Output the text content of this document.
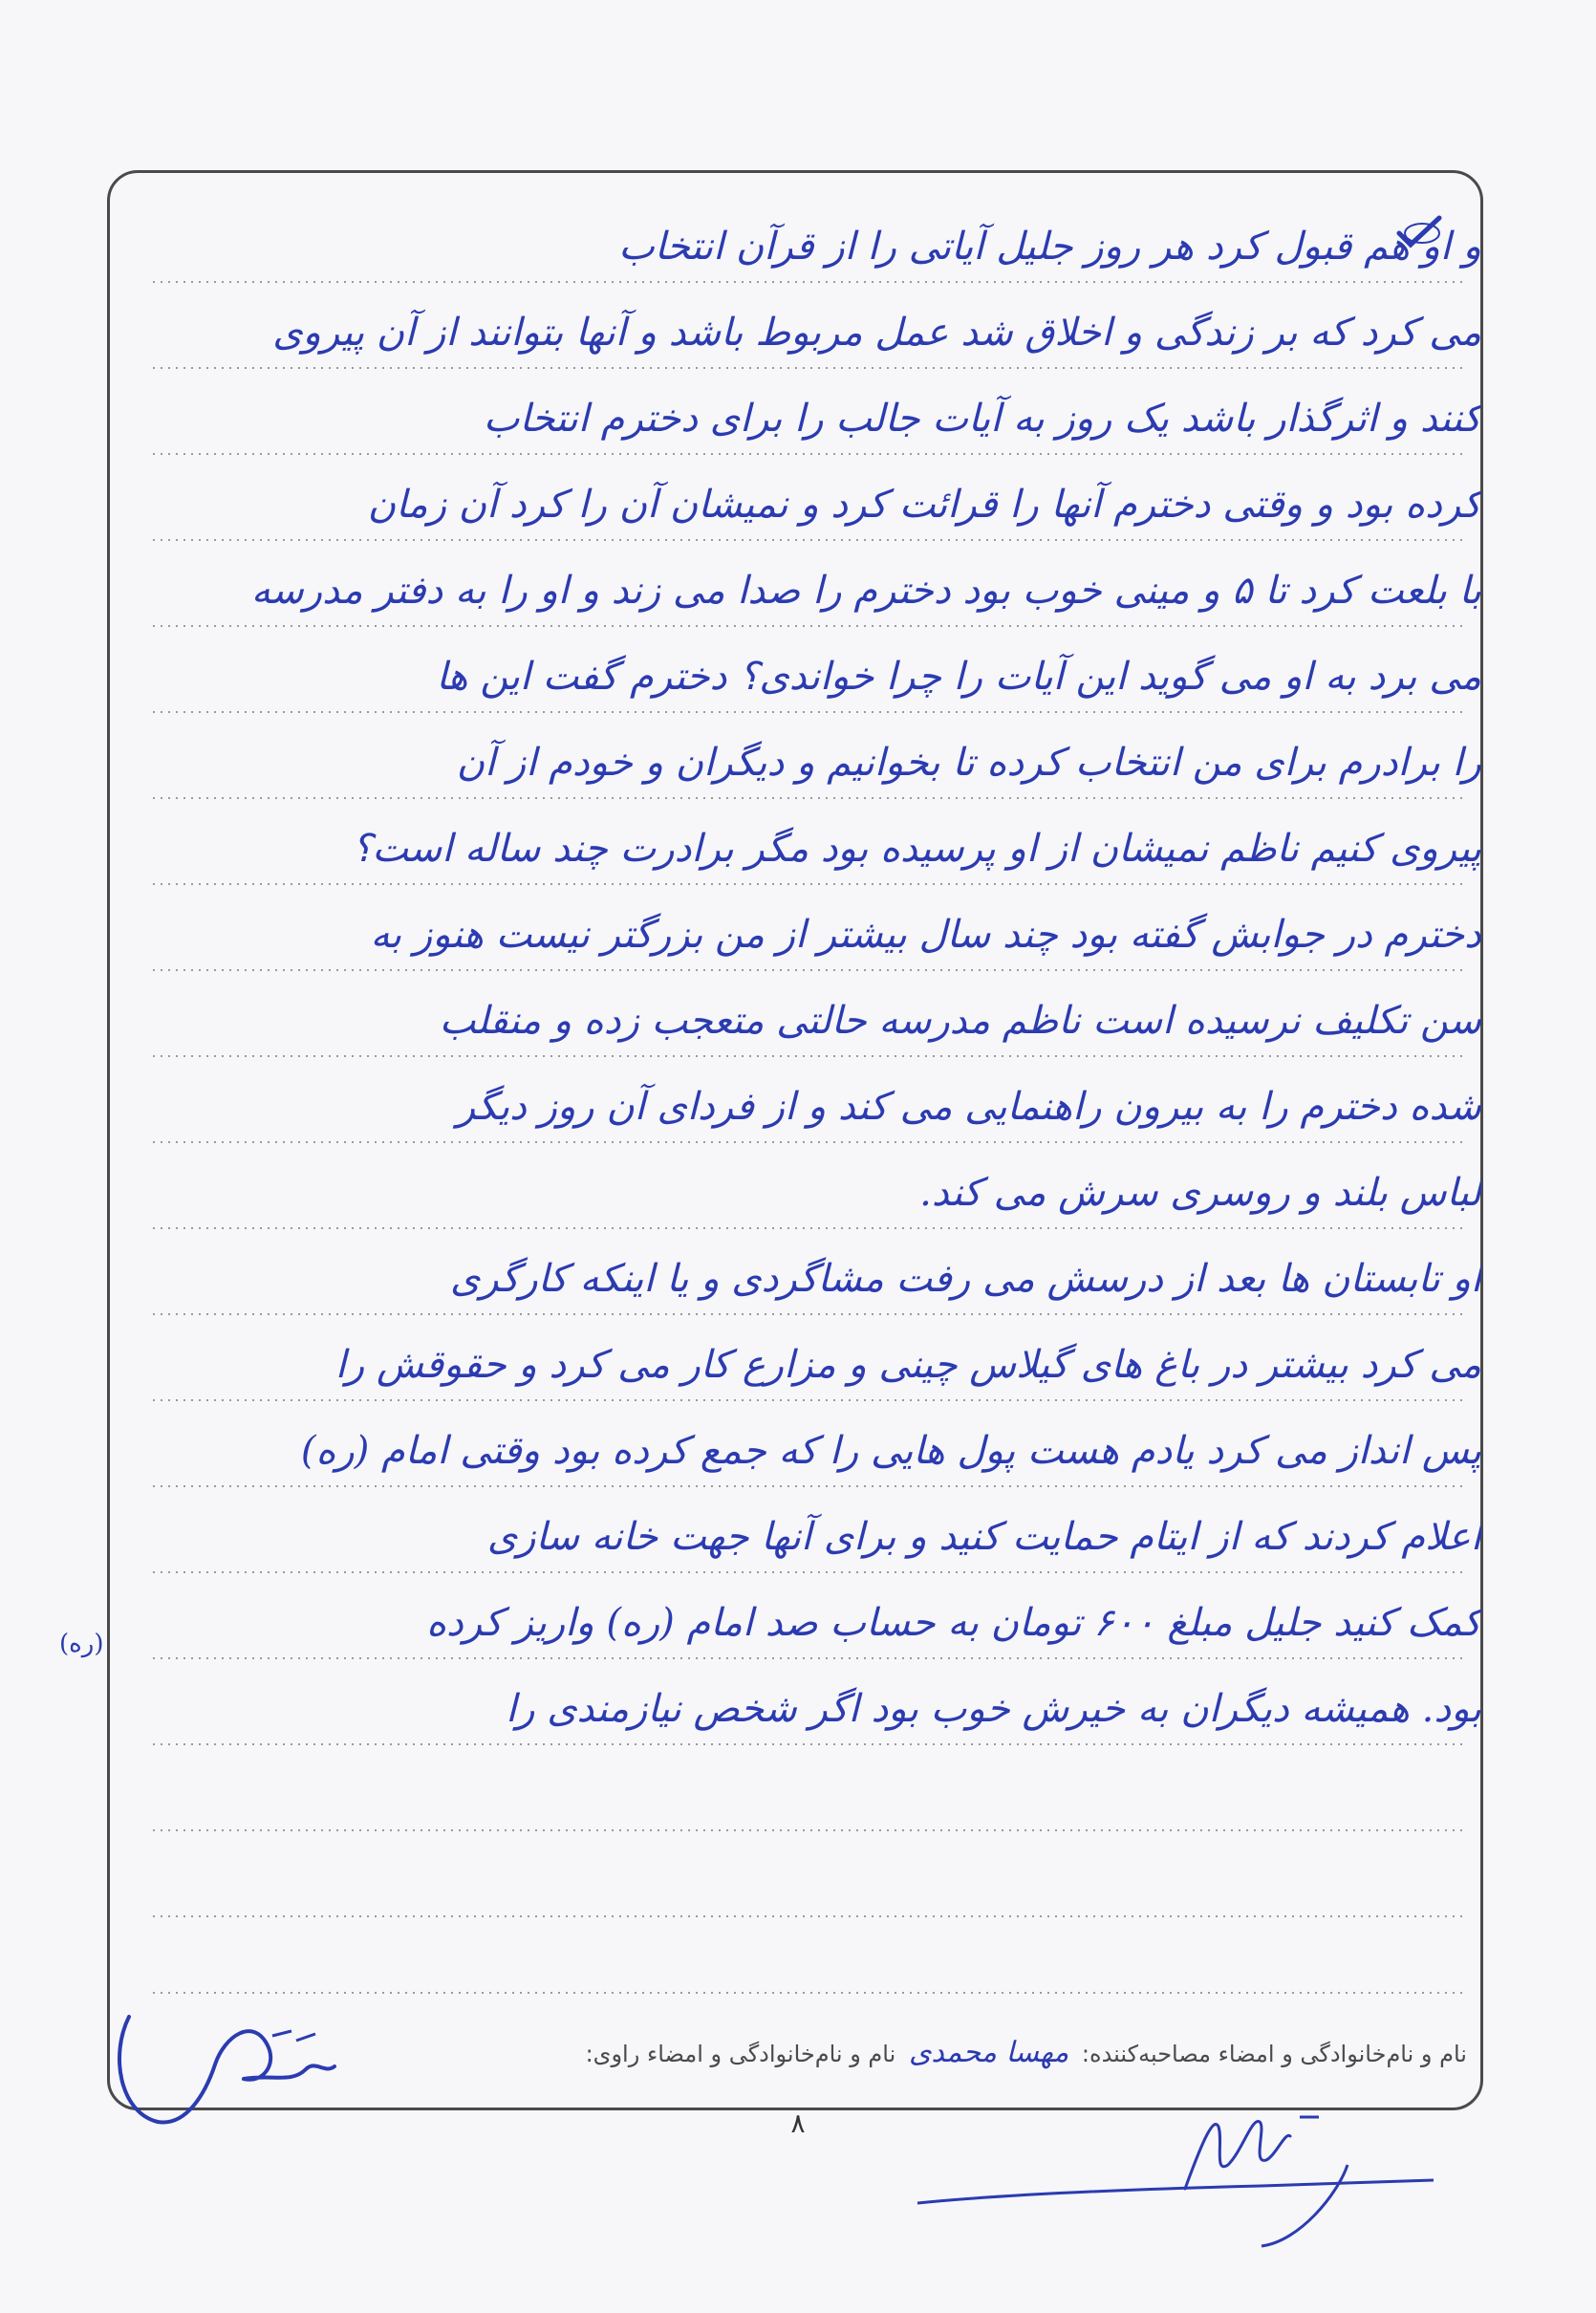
و او هم قبول کرد هر روز جلیل آیاتی را از قرآن انتخاب
می کرد که بر زندگی و اخلاق شد عمل مربوط باشد و آنها بتوانند از آن پیروی
کنند و اثرگذار باشد یک روز به آیات جالب را برای دخترم انتخاب
کرده بود و وقتی دخترم آنها را قرائت کرد و نمیشان آن را کرد آن زمان
با بلعت کرد تا ۵ و مینی خوب بود دخترم را صدا می زند و او را به دفتر مدرسه
می برد به او می گوید این آیات را چرا خواندی؟ دخترم گفت این ها
را برادرم برای من انتخاب کرده تا بخوانیم و دیگران و خودم از آن
پیروی کنیم ناظم نمیشان از او پرسیده بود مگر برادرت چند ساله است؟
دخترم در جوابش گفته بود چند سال بیشتر از من بزرگتر نیست هنوز به
سن تکلیف نرسیده است ناظم مدرسه حالتی متعجب زده و منقلب
شده دخترم را به بیرون راهنمایی می کند و از فردای آن روز دیگر
لباس بلند و روسری سرش می کند.
او تابستان ها بعد از درسش می رفت مشاگردی و یا اینکه کارگری
می کرد بیشتر در باغ های گیلاس چینی و مزارع کار می کرد و حقوقش را
پس انداز می کرد یادم هست پول هایی را که جمع کرده بود وقتی امام (ره)
اعلام کردند که از ایتام حمایت کنید و برای آنها جهت خانه سازی
کمک کنید جلیل مبلغ ۶۰۰ تومان به حساب صد امام (ره) واریز کرده
بود. همیشه دیگران به خیرش خوب بود اگر شخص نیازمندی را
(ره)
نام و نام‌خانوادگی و امضاء مصاحبه‌کننده: مهسا محمدی نام و نام‌خانوادگی و امضاء راوی:
۸
